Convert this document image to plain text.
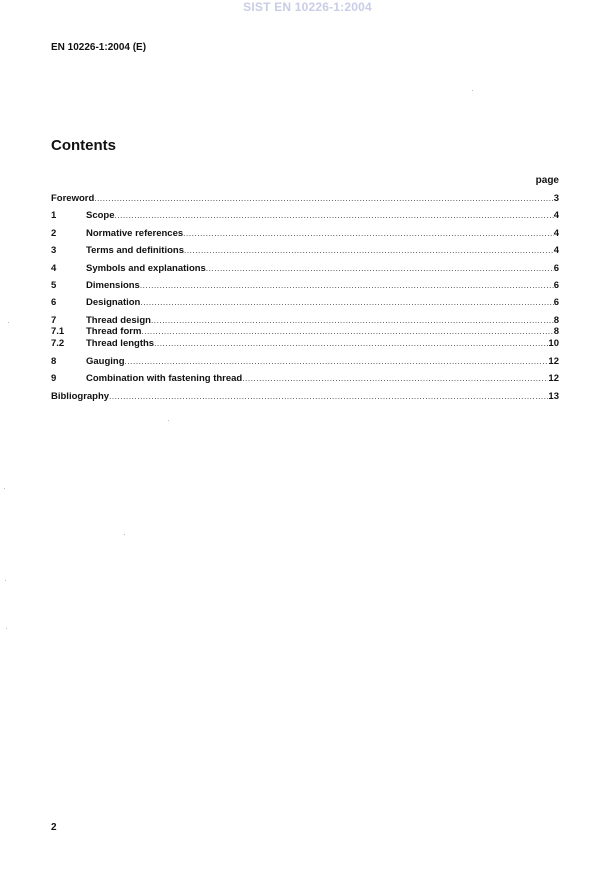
SIST EN 10226-1:2004
EN 10226-1:2004 (E)
Contents
page
Foreword .....	3
1	Scope .....	4
2	Normative references .....	4
3	Terms and definitions .....	4
4	Symbols and explanations .....	6
5	Dimensions .....	6
6	Designation .....	6
7	Thread design .....	8
7.1	Thread form .....	8
7.2	Thread lengths .....	10
8	Gauging .....	12
9	Combination with fastening thread .....	12
Bibliography .....	13
2
